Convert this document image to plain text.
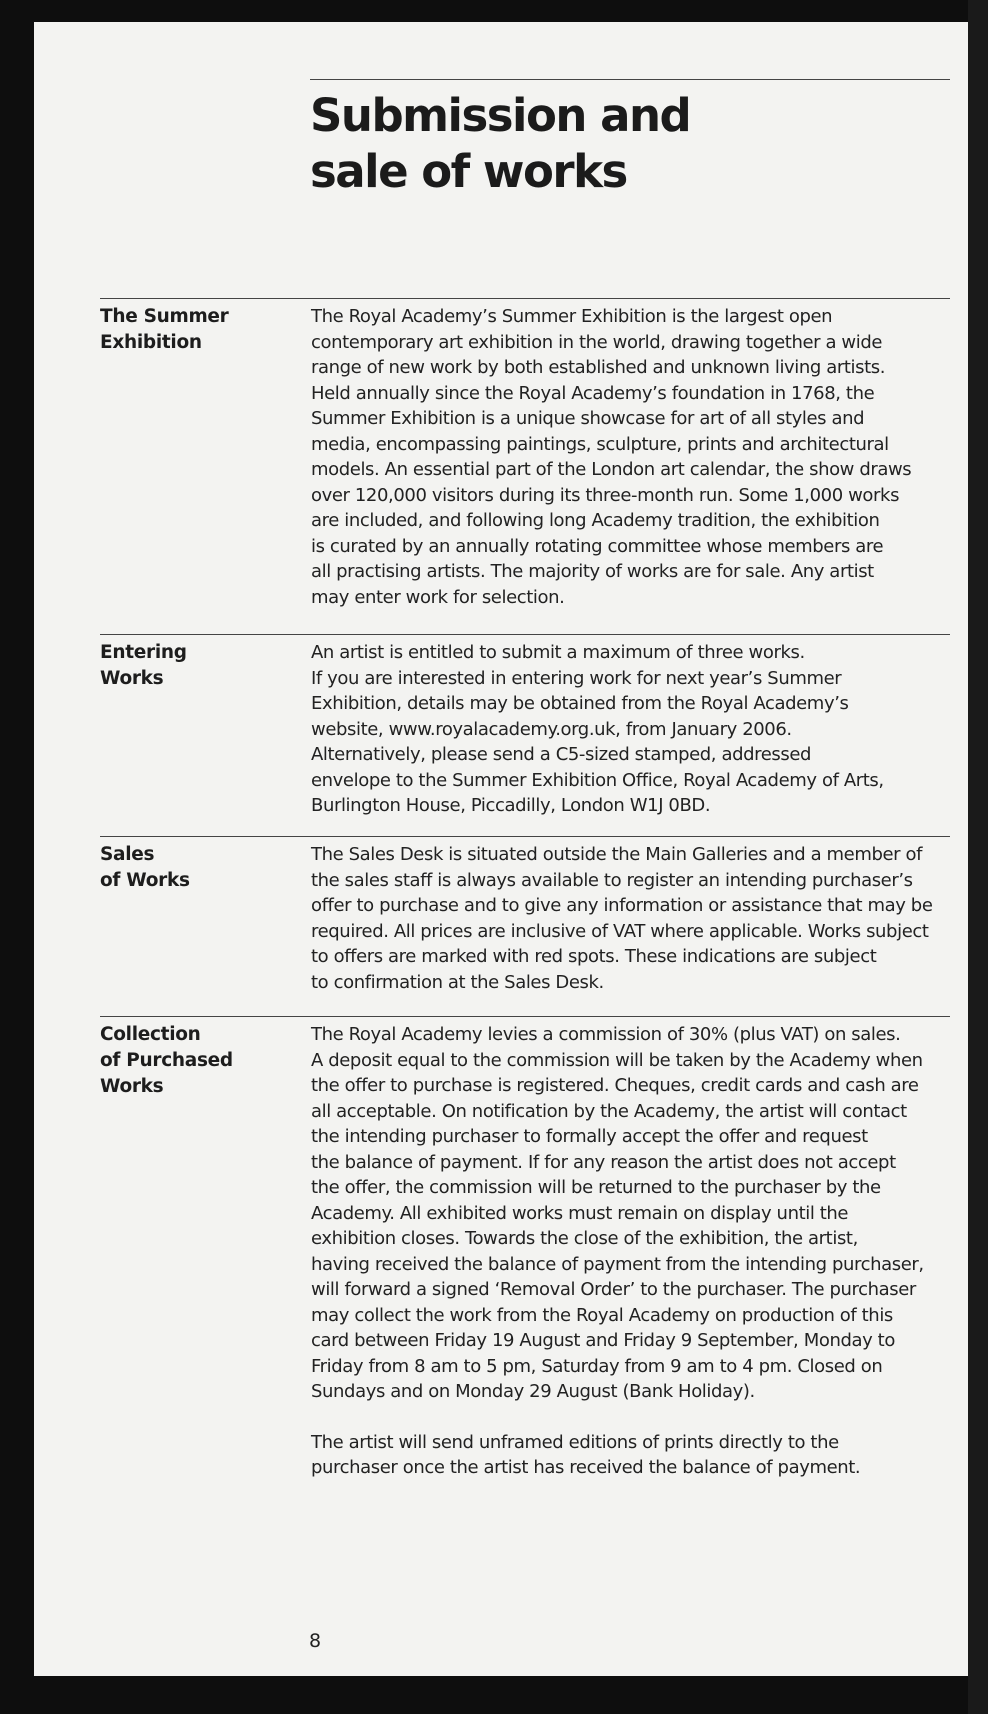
Submission and
sale of works
The Summer
Exhibition
The Royal Academy’s Summer Exhibition is the largest open
contemporary art exhibition in the world, drawing together a wide
range of new work by both established and unknown living artists.
Held annually since the Royal Academy’s foundation in 1768, the
Summer Exhibition is a unique showcase for art of all styles and
media, encompassing paintings, sculpture, prints and architectural
models. An essential part of the London art calendar, the show draws
over 120,000 visitors during its three-month run. Some 1,000 works
are included, and following long Academy tradition, the exhibition
is curated by an annually rotating committee whose members are
all practising artists. The majority of works are for sale. Any artist
may enter work for selection.
Entering
Works
An artist is entitled to submit a maximum of three works.
If you are interested in entering work for next year’s Summer
Exhibition, details may be obtained from the Royal Academy’s
website, www.royalacademy.org.uk, from January 2006.
Alternatively, please send a C5-sized stamped, addressed
envelope to the Summer Exhibition Office, Royal Academy of Arts,
Burlington House, Piccadilly, London W1J 0BD.
Sales
of Works
The Sales Desk is situated outside the Main Galleries and a member of
the sales staff is always available to register an intending purchaser’s
offer to purchase and to give any information or assistance that may be
required. All prices are inclusive of VAT where applicable. Works subject
to offers are marked with red spots. These indications are subject
to confirmation at the Sales Desk.
Collection
of Purchased
Works
The Royal Academy levies a commission of 30% (plus VAT) on sales.
A deposit equal to the commission will be taken by the Academy when
the offer to purchase is registered. Cheques, credit cards and cash are
all acceptable. On notification by the Academy, the artist will contact
the intending purchaser to formally accept the offer and request
the balance of payment. If for any reason the artist does not accept
the offer, the commission will be returned to the purchaser by the
Academy. All exhibited works must remain on display until the
exhibition closes. Towards the close of the exhibition, the artist,
having received the balance of payment from the intending purchaser,
will forward a signed ‘Removal Order’ to the purchaser. The purchaser
may collect the work from the Royal Academy on production of this
card between Friday 19 August and Friday 9 September, Monday to
Friday from 8 am to 5 pm, Saturday from 9 am to 4 pm. Closed on
Sundays and on Monday 29 August (Bank Holiday).
The artist will send unframed editions of prints directly to the
purchaser once the artist has received the balance of payment.
8
